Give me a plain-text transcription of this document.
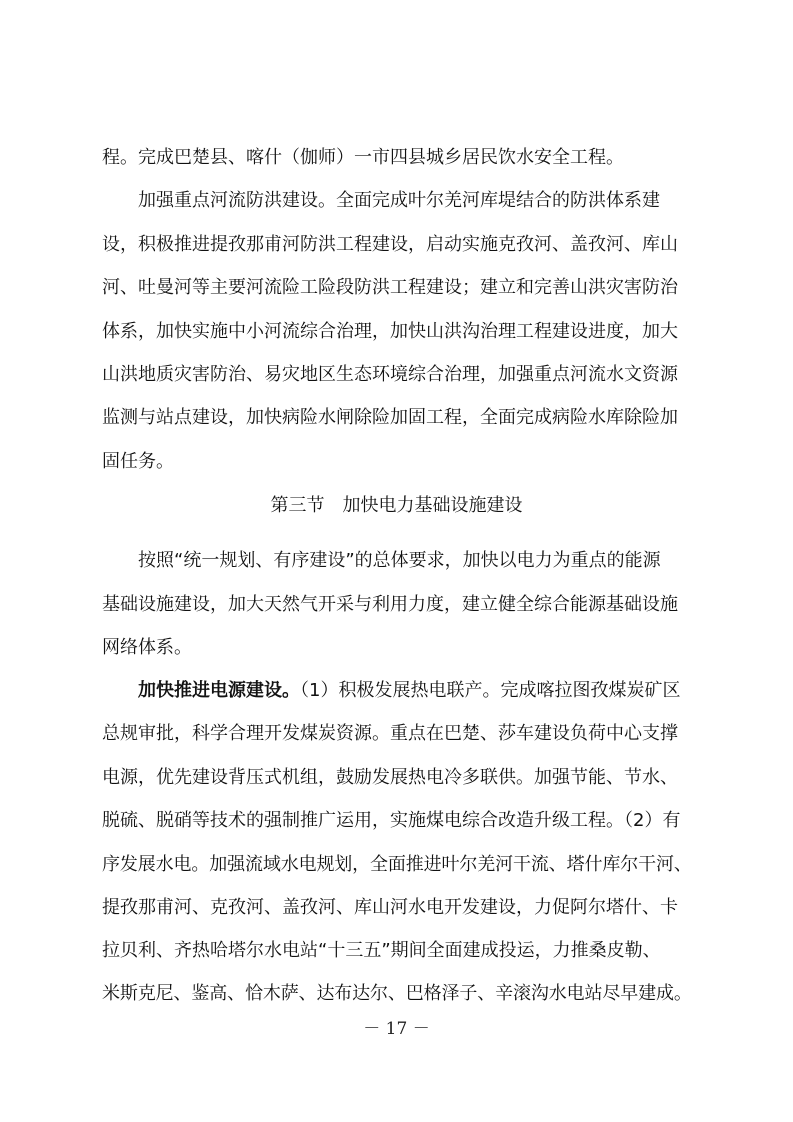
程。完成巴楚县、喀什（伽师）一市四县城乡居民饮水安全工程。
加强重点河流防洪建设。全面完成叶尔羌河库堤结合的防洪体系建
设，积极推进提孜那甫河防洪工程建设，启动实施克孜河、盖孜河、库山
河、吐曼河等主要河流险工险段防洪工程建设；建立和完善山洪灾害防治
体系，加快实施中小河流综合治理，加快山洪沟治理工程建设进度，加大
山洪地质灾害防治、易灾地区生态环境综合治理，加强重点河流水文资源
监测与站点建设，加快病险水闸除险加固工程，全面完成病险水库除险加
固任务。
第三节 加快电力基础设施建设
按照“统一规划、有序建设”的总体要求，加快以电力为重点的能源
基础设施建设，加大天然气开采与利用力度，建立健全综合能源基础设施
网络体系。
加快推进电源建设。（1）积极发展热电联产。完成喀拉图孜煤炭矿区
总规审批，科学合理开发煤炭资源。重点在巴楚、莎车建设负荷中心支撑
电源，优先建设背压式机组，鼓励发展热电冷多联供。加强节能、节水、
脱硫、脱硝等技术的强制推广运用，实施煤电综合改造升级工程。（2）有
序发展水电。加强流域水电规划，全面推进叶尔羌河干流、塔什库尔干河、
提孜那甫河、克孜河、盖孜河、库山河水电开发建设，力促阿尔塔什、卡
拉贝利、齐热哈塔尔水电站“十三五”期间全面建成投运，力推桑皮勒、
米斯克尼、鉴高、恰木萨、达布达尔、巴格泽子、辛滚沟水电站尽早建成。
－ 17 －
